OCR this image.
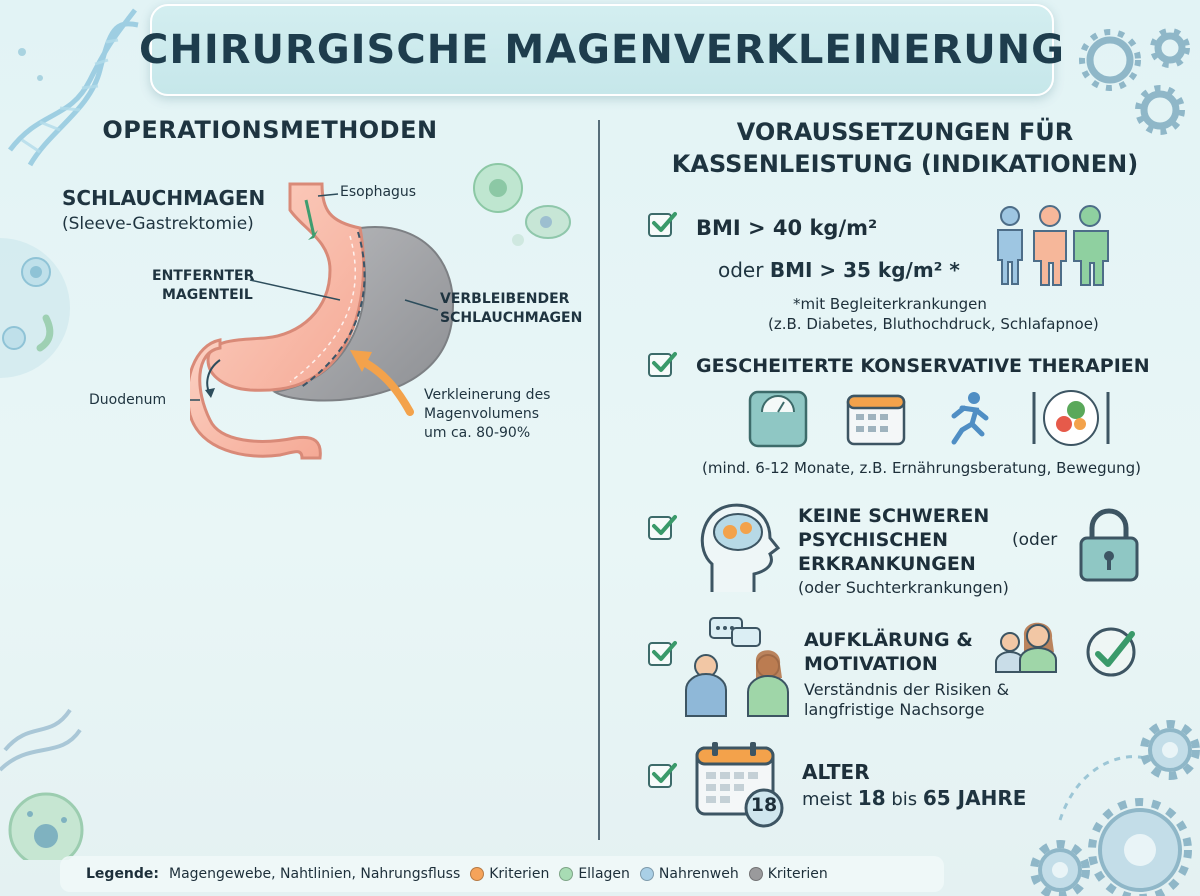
CHIRURGISCHE MAGENVERKLEINERUNG
OPERATIONSMETHODEN
SCHLAUCHMAGEN
(Sleeve-Gastrektomie)
Esophagus
ENTFERNTER
MAGENTEIL	VERBLEIBENDER
SCHLAUCHMAGEN
Duodenum	Verkleinerung des
Magenvolumens
um ca. 80-90%
VORAUSSETZUNGEN FÜR
KASSENLEISTUNG (INDIKATIONEN)
BMI > 40 kg/m²
oder BMI > 35 kg/m² *
*mit Begleiterkrankungen
(z.B. Diabetes, Bluthochdruck, Schlafapnoe)
GESCHEITERTE KONSERVATIVE THERAPIEN
(mind. 6-12 Monate, z.B. Ernährungsberatung, Bewegung)
KEINE SCHWEREN
PSYCHISCHEN
ERKRANKUNGEN
(oder Suchterkrankungen)
(oder
AUFKLÄRUNG &
MOTIVATION
Verständnis der Risiken &
langfristige Nachsorge
18
ALTER
meist 18 bis 65 JAHRE
Legende: Magengewebe, Nahtlinien, Nahrungsfluss Kriterien Ellagen Nahrenweh Kriterien
